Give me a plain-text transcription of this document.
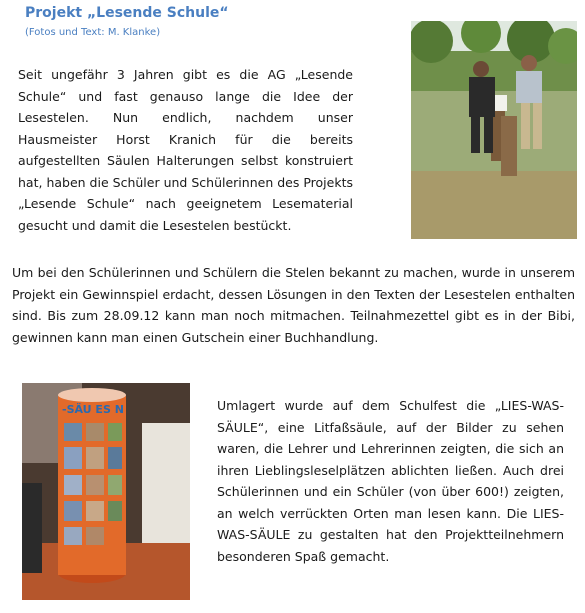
Projekt „Lesende Schule“
(Fotos und Text: M. Klanke)
Seit ungefähr 3 Jahren gibt es die AG „Lesende Schule“ und fast genauso lange die Idee der Lesestelen. Nun endlich, nachdem unser Hausmeister Horst Kranich für die bereits aufgestellten Säulen Halterungen selbst konstruiert hat, haben die Schüler und Schülerinnen des Projekts „Lesende Schule“ nach geeignetem Lesematerial gesucht und damit die Lesestelen bestückt.
Um bei den Schülerinnen und Schülern die Stelen bekannt zu machen, wurde in unserem Projekt ein Gewinnspiel erdacht, dessen Lösungen in den Texten der Lesestelen enthalten sind. Bis zum 28.09.12 kann man noch mitmachen. Teilnahmezettel gibt es in der Bibi, gewinnen kann man einen Gutschein einer Buchhandlung.
-SÄU ES N	Umlagert wurde auf dem Schulfest die „LIES-WAS-SÄULE“, eine Litfaßsäule, auf der Bilder zu sehen waren, die Lehrer und Lehrerinnen zeigten, die sich an ihren Lieblingsleselplätzen ablichten ließen. Auch drei Schülerinnen und ein Schüler (von über 600!) zeigten, an welch verrückten Orten man lesen kann. Die LIES-WAS-SÄULE zu gestalten hat den Projektteilnehmern besonderen Spaß gemacht.
